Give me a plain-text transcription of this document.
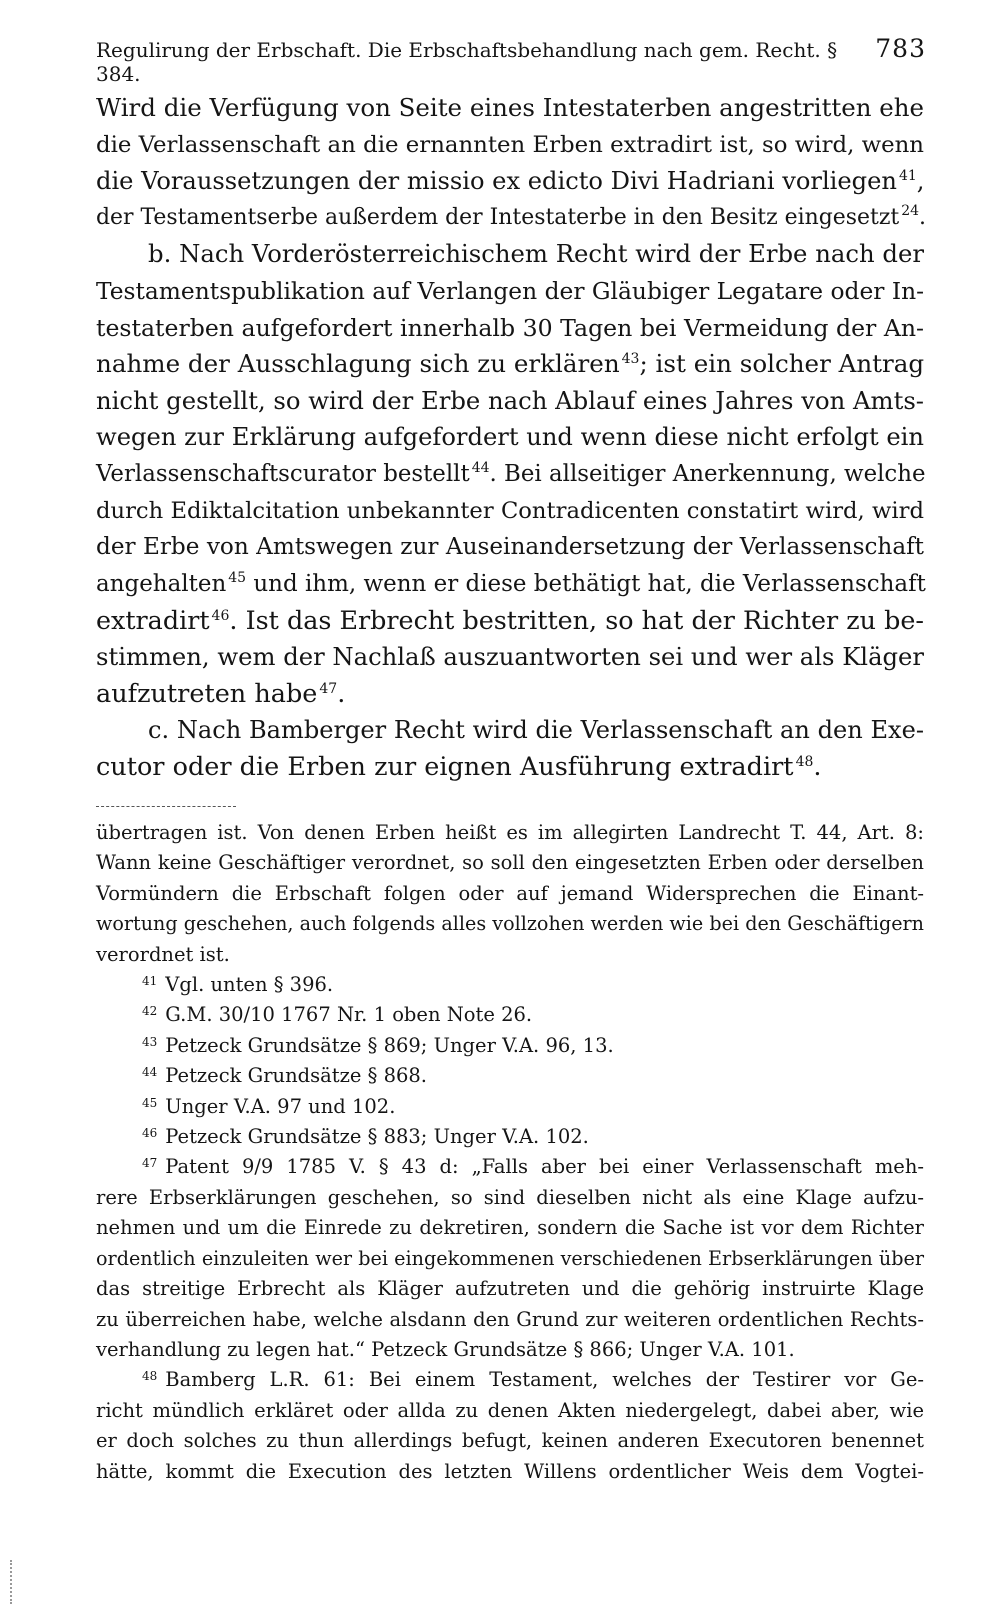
Regulirung der Erbschaft. Die Erbschaftsbehandlung nach gem. Recht. § 384.
783
Wird die Verfügung von Seite eines Intestaterben angestritten ehe
die Verlassenschaft an die ernannten Erben extradirt ist, so wird, wenn
die Voraussetzungen der missio ex edicto Divi Hadriani vorliegen $^{41}$,
der Testamentserbe außerdem der Intestaterbe in den Besitz eingesetzt $^{24}$.
b. Nach Vorderösterreichischem Recht wird der Erbe nach der
Testamentspublikation auf Verlangen der Gläubiger Legatare oder In-
testaterben aufgefordert innerhalb 30 Tagen bei Vermeidung der An-
nahme der Ausschlagung sich zu erklären $^{43}$; ist ein solcher Antrag
nicht gestellt, so wird der Erbe nach Ablauf eines Jahres von Amts-
wegen zur Erklärung aufgefordert und wenn diese nicht erfolgt ein
Verlassenschaftscurator bestellt $^{44}$. Bei allseitiger Anerkennung, welche
durch Ediktalcitation unbekannter Contradicenten constatirt wird, wird
der Erbe von Amtswegen zur Auseinandersetzung der Verlassenschaft
angehalten $^{45}$ und ihm, wenn er diese bethätigt hat, die Verlassenschaft
extradirt $^{46}$. Ist das Erbrecht bestritten, so hat der Richter zu be-
stimmen, wem der Nachlaß auszuantworten sei und wer als Kläger
aufzutreten habe $^{47}$.
c. Nach Bamberger Recht wird die Verlassenschaft an den Exe-
cutor oder die Erben zur eignen Ausführung extradirt $^{48}$.
übertragen ist. Von denen Erben heißt es im allegirten Landrecht T. 44, Art. 8:
Wann keine Geschäftiger verordnet, so soll den eingesetzten Erben oder derselben
Vormündern die Erbschaft folgen oder auf jemand Widersprechen die Einant-
wortung geschehen, auch folgends alles vollzohen werden wie bei den Geschäftigern
verordnet ist.
$^{41}$ Vgl. unten § 396.
$^{42}$ G.M. 30/10 1767 Nr. 1 oben Note 26.
$^{43}$ Petzeck Grundsätze § 869; Unger V.A. 96, 13.
$^{44}$ Petzeck Grundsätze § 868.
$^{45}$ Unger V.A. 97 und 102.
$^{46}$ Petzeck Grundsätze § 883; Unger V.A. 102.
$^{47}$ Patent 9/9 1785 V. § 43 d: „Falls aber bei einer Verlassenschaft meh-
rere Erbserklärungen geschehen, so sind dieselben nicht als eine Klage aufzu-
nehmen und um die Einrede zu dekretiren, sondern die Sache ist vor dem Richter
ordentlich einzuleiten wer bei eingekommenen verschiedenen Erbserklärungen über
das streitige Erbrecht als Kläger aufzutreten und die gehörig instruirte Klage
zu überreichen habe, welche alsdann den Grund zur weiteren ordentlichen Rechts-
verhandlung zu legen hat.“ Petzeck Grundsätze § 866; Unger V.A. 101.
$^{48}$ Bamberg L.R. 61: Bei einem Testament, welches der Testirer vor Ge-
richt mündlich erkläret oder allda zu denen Akten niedergelegt, dabei aber, wie
er doch solches zu thun allerdings befugt, keinen anderen Executoren benennet
hätte, kommt die Execution des letzten Willens ordentlicher Weis dem Vogtei-
